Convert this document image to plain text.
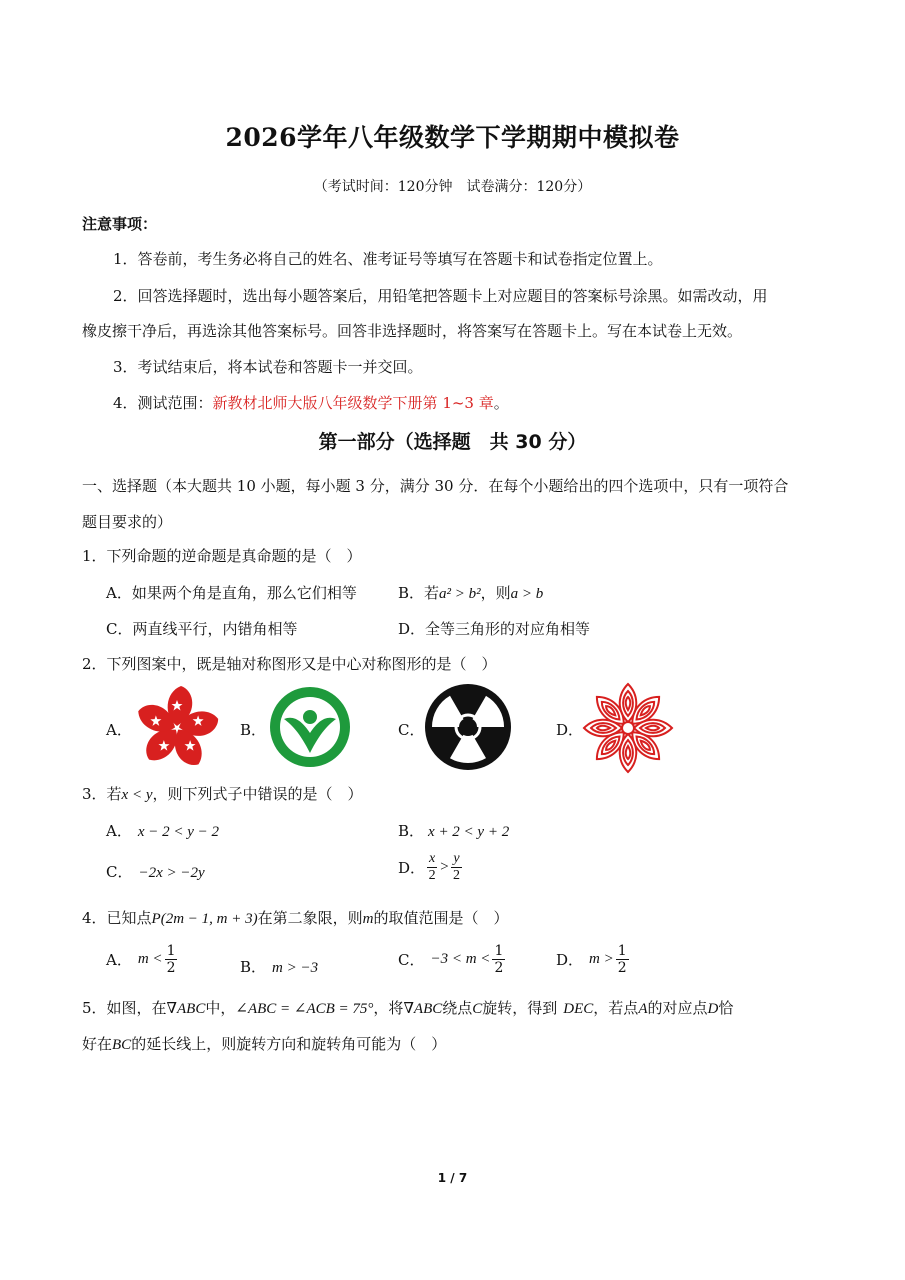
2026学年八年级数学下学期期中模拟卷
（考试时间：120分钟　试卷满分：120分）
注意事项：
1．答卷前，考生务必将自己的姓名、准考证号等填写在答题卡和试卷指定位置上。
2．回答选择题时，选出每小题答案后，用铅笔把答题卡上对应题目的答案标号涂黑。如需改动，用
橡皮擦干净后，再选涂其他答案标号。回答非选择题时，将答案写在答题卡上。写在本试卷上无效。
3．考试结束后，将本试卷和答题卡一并交回。
4．测试范围：新教材北师大版八年级数学下册第 1~3 章。
第一部分（选择题　共 30 分）
一、选择题（本大题共 10 小题，每小题 3 分，满分 30 分．在每个小题给出的四个选项中，只有一项符合
题目要求的）
1．下列命题的逆命题是真命题的是（　）
A．如果两个角是直角，那么它们相等	B．若a² > b²，则a > b
C．两直线平行，内错角相等	D．全等三角形的对应角相等
2．下列图案中，既是轴对称图形又是中心对称图形的是（　）
A．	B．	C．	D．
3．若x < y，则下列式子中错误的是（　）
A． x − 2 < y − 2	B． x + 2 < y + 2
C． −2x > −2y	D． $\frac{x}{2} > \frac{y}{2}$
4．已知点P(2m − 1, m + 3)在第二象限，则m的取值范围是（　）
A． $m < \frac{1}{2}$	B． m > −3	C． $-3 < m < \frac{1}{2}$	D． $m > \frac{1}{2}$
5．如图，在∇ABC中，∠ABC = ∠ACB = 75°，将∇ABC绕点C旋转，得到 DEC，若点A的对应点D恰
好在BC的延长线上，则旋转方向和旋转角可能为（　）
1 / 7
